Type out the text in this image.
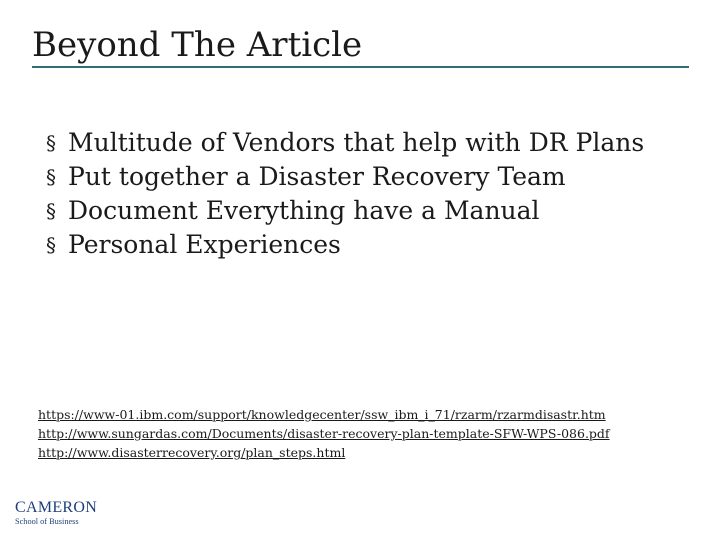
Beyond The Article
§ Multitude of Vendors that help with DR Plans
§ Put together a Disaster Recovery Team
§ Document Everything have a Manual
§ Personal Experiences
https://www-01.ibm.com/support/knowledgecenter/ssw_ibm_i_71/rzarm/rzarmdisastr.htm
http://www.sungardas.com/Documents/disaster-recovery-plan-template-SFW-WPS-086.pdf
http://www.disasterrecovery.org/plan_steps.html
CAMERON
School of Business
